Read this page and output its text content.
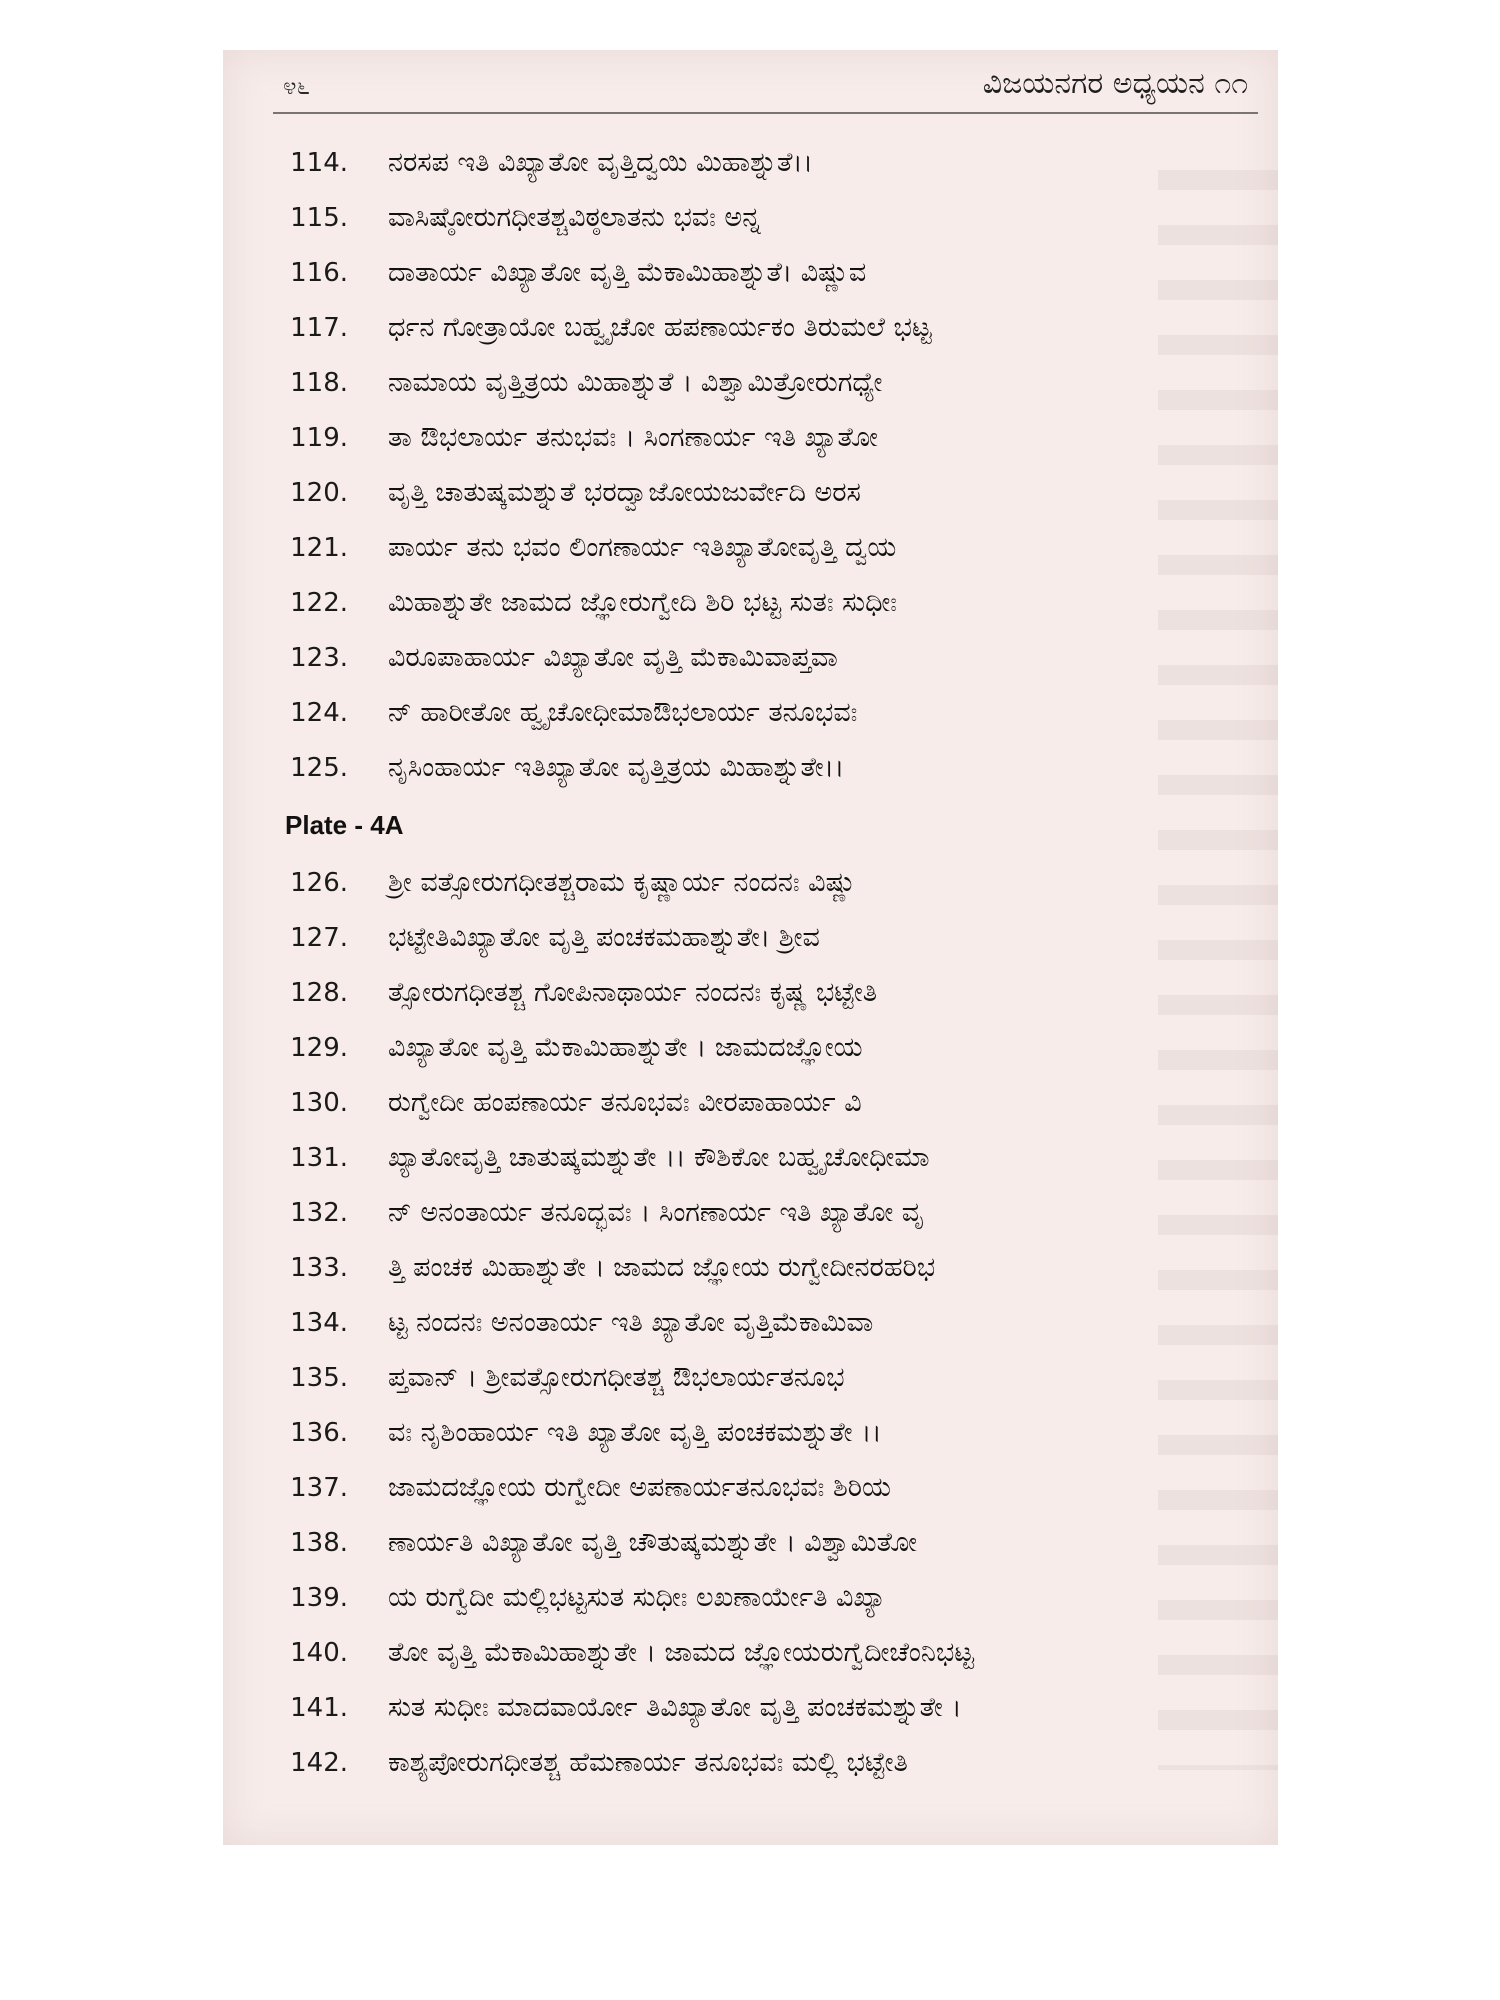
೪೬	ವಿಜಯನಗರ ಅಧ್ಯಯನ ೧೧
114.	ನರಸಪ ಇತಿ ವಿಖ್ಯಾತೋ ವೃತ್ತಿದ್ವಯಿ ಮಿಹಾಶ್ನುತೆ।।
115.	ವಾಸಿಷ್ಠೋರುಗಧೀತಶ್ಚವಿಠ್ಠಲಾತನು ಭವಃ ಅನ್ನ
116.	ದಾತಾರ್ಯ ವಿಖ್ಯಾತೋ ವೃತ್ತಿ ಮೆಕಾಮಿಹಾಶ್ನುತೆ। ವಿಷ್ಣುವ
117.	ರ್ಧನ ಗೋತ್ರಾಯೋ ಬಹ್ವೃಚೋ ಹಪಣಾರ್ಯಕಂ ತಿರುಮಲೆ ಭಟ್ಟ
118.	ನಾಮಾಯ ವೃತ್ತಿತ್ರಯ ಮಿಹಾಶ್ನುತೆ । ವಿಶ್ವಾಮಿತ್ರೋರುಗಧ್ಯೇ
119.	ತಾ ಔಭಲಾರ್ಯ ತನುಭವಃ । ಸಿಂಗಣಾರ್ಯ ಇತಿ ಖ್ಯಾತೋ
120.	ವೃತ್ತಿ ಚಾತುಷ್ಕಮಶ್ನುತೆ ಭರದ್ವಾಜೋಯಜುರ್ವೇದಿ ಅರಸ
121.	ಪಾರ್ಯ ತನು ಭವಂ ಲಿಂಗಣಾರ್ಯ ಇತಿಖ್ಯಾತೋವೃತ್ತಿ ದ್ವಯ
122.	ಮಿಹಾಶ್ನುತೇ ಜಾಮದ ಜ್ಞೋರುಗ್ವೇದಿ ಶಿರಿ ಭಟ್ಟ ಸುತಃ ಸುಧೀಃ
123.	ವಿರೂಪಾಹಾರ್ಯ ವಿಖ್ಯಾತೋ ವೃತ್ತಿ ಮೆಕಾಮಿವಾಪ್ತವಾ
124.	ನ್ ಹಾರೀತೋ ಹ್ವೃಚೋಧೀಮಾಔಭಲಾರ್ಯ ತನೂಭವಃ
125.	ನೃಸಿಂಹಾರ್ಯ ಇತಿಖ್ಯಾತೋ ವೃತ್ತಿತ್ರಯ ಮಿಹಾಶ್ನುತೇ।।
Plate - 4A
126.	ಶ್ರೀ ವತ್ಸೋರುಗಧೀತಶ್ಚರಾಮ ಕೃಷ್ಣಾರ್ಯ ನಂದನಃ ವಿಷ್ಣು
127.	ಭಟ್ಟೇತಿವಿಖ್ಯಾತೋ ವೃತ್ತಿ ಪಂಚಕಮಹಾಶ್ನುತೇ। ಶ್ರೀವ
128.	ತ್ಸೋರುಗಧೀತಶ್ಚ ಗೋಪಿನಾಥಾರ್ಯ ನಂದನಃ ಕೃಷ್ಣ ಭಟ್ಟೇತಿ
129.	ವಿಖ್ಯಾತೋ ವೃತ್ತಿ ಮೆಕಾಮಿಹಾಶ್ನುತೇ । ಜಾಮದಜ್ಞೋಯ
130.	ರುಗ್ವೇದೀ ಹಂಪಣಾರ್ಯ ತನೂಭವಃ ವೀರಪಾಹಾರ್ಯ ವಿ
131.	ಖ್ಯಾತೋವೃತ್ತಿ ಚಾತುಷ್ಕಮಶ್ನುತೇ ।। ಕೌಶಿಕೋ ಬಹ್ವೃಚೋಧೀಮಾ
132.	ನ್ ಅನಂತಾರ್ಯ ತನೂದ್ಭವಃ । ಸಿಂಗಣಾರ್ಯ ಇತಿ ಖ್ಯಾತೋ ವೃ
133.	ತ್ತಿ ಪಂಚಕ ಮಿಹಾಶ್ನುತೇ । ಜಾಮದ ಜ್ಞೋಯ ರುಗ್ವೇದೀನರಹರಿಭ
134.	ಟ್ಟ ನಂದನಃ ಅನಂತಾರ್ಯ ಇತಿ ಖ್ಯಾತೋ ವೃತ್ತಿಮೆಕಾಮಿವಾ
135.	ಪ್ತವಾನ್ । ಶ್ರೀವತ್ಸೋರುಗಧೀತಶ್ಚ ಔಭಲಾರ್ಯತನೂಭ
136.	ವಃ ನೃಶಿಂಹಾರ್ಯ ಇತಿ ಖ್ಯಾತೋ ವೃತ್ತಿ ಪಂಚಕಮಶ್ನುತೇ ।।
137.	ಜಾಮದಜ್ಞೋಯ ರುಗ್ವೇದೀ ಅಪಣಾರ್ಯತನೂಭವಃ ಶಿರಿಯ
138.	ಣಾರ್ಯತಿ ವಿಖ್ಯಾತೋ ವೃತ್ತಿ ಚೌತುಷ್ಕಮಶ್ನುತೇ । ವಿಶ್ವಾಮಿತೋ
139.	ಯ ರುಗ್ವೆದೀ ಮಲ್ಲಿಭಟ್ಟಸುತ ಸುಧೀಃ ಲಖಣಾರ್ಯೇತಿ ವಿಖ್ಯಾ
140.	ತೋ ವೃತ್ತಿ ಮೆಕಾಮಿಹಾಶ್ನುತೇ । ಜಾಮದ ಜ್ಞೋಯರುಗ್ವೆದೀಚೆಂನಿಭಟ್ಟ
141.	ಸುತ ಸುಧೀಃ ಮಾದವಾರ್ಯೋ ತಿವಿಖ್ಯಾತೋ ವೃತ್ತಿ ಪಂಚಕಮಶ್ನುತೇ ।
142.	ಕಾಶ್ಯಪೋರುಗಧೀತಶ್ಚ ಹೆಮಣಾರ್ಯ ತನೂಭವಃ ಮಲ್ಲಿ ಭಟ್ಟೇತಿ
